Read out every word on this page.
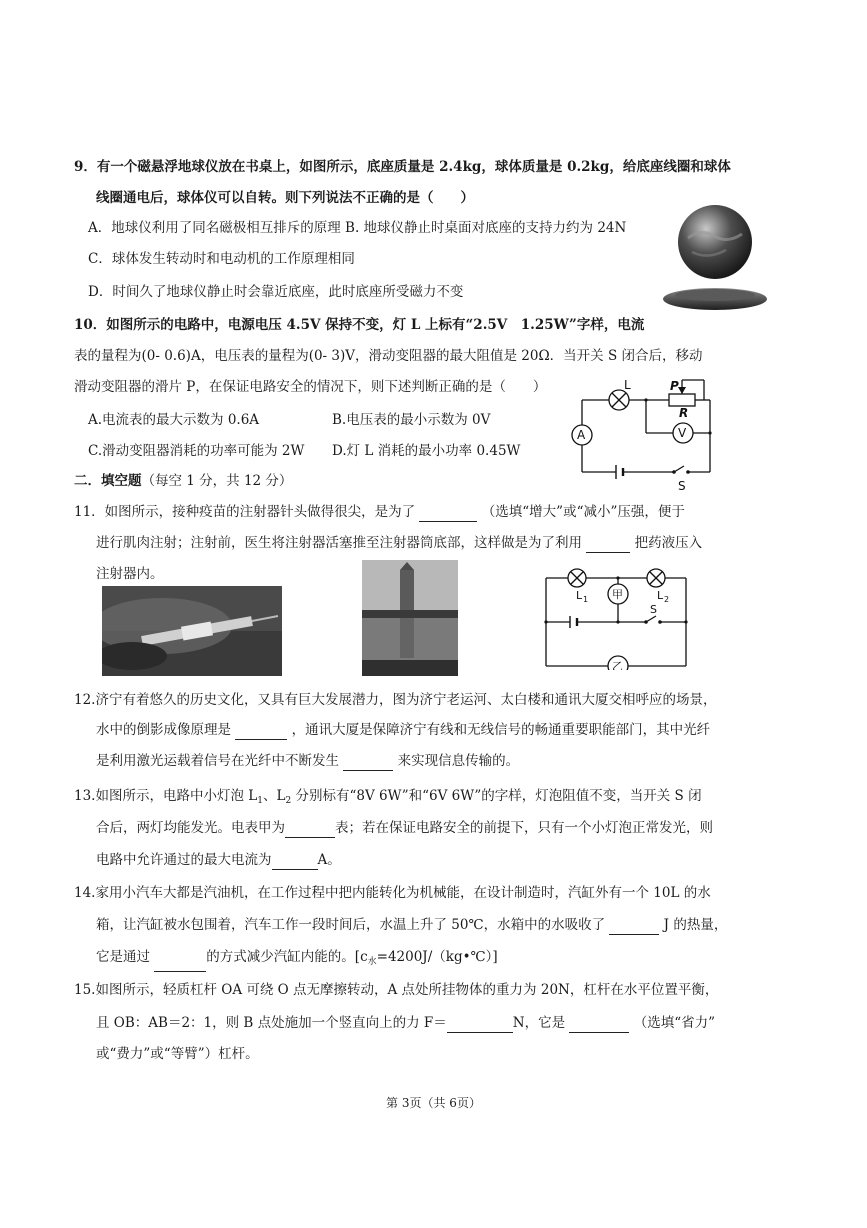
9．有一个磁悬浮地球仪放在书桌上，如图所示，底座质量是 2.4kg，球体质量是 0.2kg，给底座线圈和球体
线圈通电后，球体仪可以自转。则下列说法不正确的是（　　）
A．地球仪利用了同名磁极相互排斥的原理 B. 地球仪静止时桌面对底座的支持力约为 24N
C．球体发生转动时和电动机的工作原理相同
D．时间久了地球仪静止时会靠近底座，此时底座所受磁力不变
10．如图所示的电路中，电源电压 4.5V 保持不变，灯 L 上标有“2.5V　1.25W”字样，电流
表的量程为(0- 0.6)A，电压表的量程为(0- 3)V，滑动变阻器的最大阻值是 20Ω．当开关 S 闭合后，移动
滑动变阻器的滑片 P，在保证电路安全的情况下，则下述判断正确的是（　　）
A.电流表的最大示数为 0.6A	B.电压表的最小示数为 0V
C.滑动变阻器消耗的功率可能为 2W D.灯 L 消耗的最小功率 0.45W
L	P
R
A	V
S
二．填空题（每空 1 分，共 12 分）
11．如图所示，接种疫苗的注射器针头做得很尖，是为了	（选填“增大”或“减小”压强，便于
进行肌肉注射；注射前，医生将注射器活塞推至注射器筒底部，这样做是为了利用	把药液压入
注射器内。
L 1 甲	L 2
S
乙
12.济宁有着悠久的历史文化，又具有巨大发展潜力，图为济宁老运河、太白楼和通讯大厦交相呼应的场景，
水中的倒影成像原理是	，通讯大厦是保障济宁有线和无线信号的畅通重要职能部门，其中光纤
是利用激光运载着信号在光纤中不断发生	来实现信息传输的。
13.如图所示，电路中小灯泡 $L_1$、$L_2$ 分别标有“8V 6W”和“6V 6W”的字样，灯泡阻值不变，当开关 S 闭
合后，两灯均能发光。电表甲为	表；若在保证电路安全的前提下，只有一个小灯泡正常发光，则
电路中允许通过的最大电流为	A。
14.家用小汽车大都是汽油机，在工作过程中把内能转化为机械能，在设计制造时，汽缸外有一个 10L 的水
箱，让汽缸被水包围着，汽车工作一段时间后，水温上升了 50℃，水箱中的水吸收了	J 的热量，
它是通过	的方式减少汽缸内能的。$[c_水=4200J/(kg•℃)]$
15.如图所示，轻质杠杆 OA 可绕 O 点无摩擦转动，A 点处所挂物体的重力为 20N，杠杆在水平位置平衡，
且 OB：AB＝2：1，则 B 点处施加一个竖直向上的力 F＝	N，它是	（选填“省力”
或“费力”或“等臂”）杠杆。
第 3页（共 6页）
